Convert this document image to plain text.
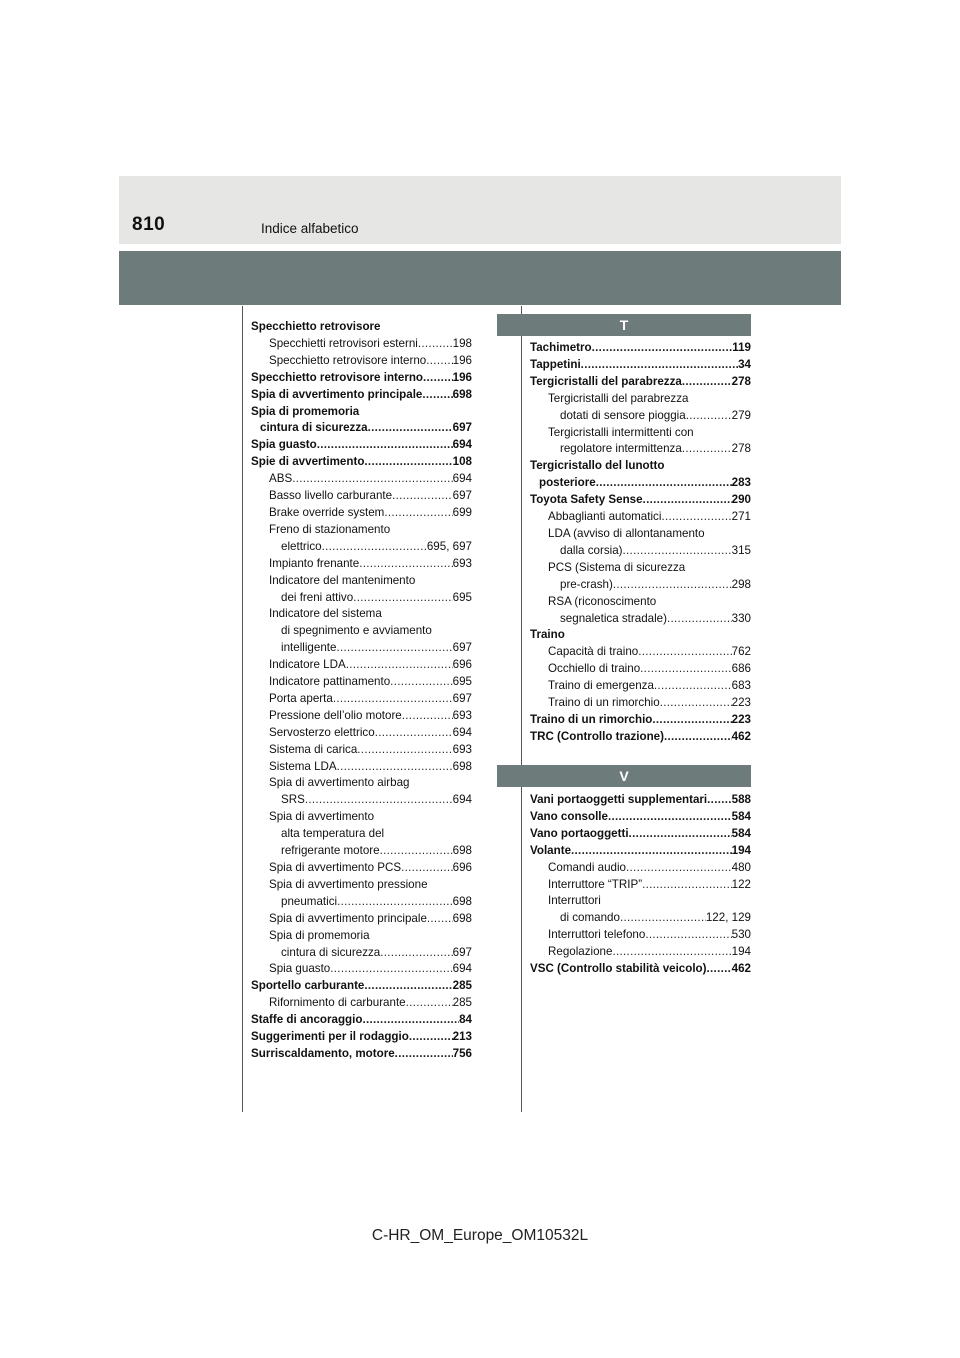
810	Indice alfabetico
Specchietto retrovisore
Specchietti retrovisori esterni .....	198
Specchietto retrovisore interno ..... 196
Specchietto retrovisore interno .....	196
Spia di avvertimento principale .....	698
Spia di promemoria
cintura di sicurezza .....	697
Spia guasto .....	694
Spie di avvertimento .....	108
ABS .....	694
Basso livello carburante .....	697
Brake override system .....	699
Freno di stazionamento
elettrico .....	695, 697
Impianto frenante .....	693
Indicatore del mantenimento
dei freni attivo .....	695
Indicatore del sistema
di spegnimento e avviamento
intelligente .....	697
Indicatore LDA .....	696
Indicatore pattinamento .....	695
Porta aperta .....	697
Pressione dell’olio motore .....	693
Servosterzo elettrico .....	694
Sistema di carica .....	693
Sistema LDA .....	698
Spia di avvertimento airbag
SRS .....	694
Spia di avvertimento
alta temperatura del
refrigerante motore .....	698
Spia di avvertimento PCS .....	696
Spia di avvertimento pressione
pneumatici .....	698
Spia di avvertimento principale ..... 698
Spia di promemoria
cintura di sicurezza .....	697
Spia guasto .....	694
Sportello carburante .....	285
Rifornimento di carburante .....	285
Staffe di ancoraggio .....	84
Suggerimenti per il rodaggio .....	213
Surriscaldamento, motore .....	756
T
Tachimetro .....	119
Tappetini .....	34
Tergicristalli del parabrezza .....	278
Tergicristalli del parabrezza
dotati di sensore pioggia .....	279
Tergicristalli intermittenti con
regolatore intermittenza .....	278
Tergicristallo del lunotto
posteriore .....	283
Toyota Safety Sense .....	290
Abbaglianti automatici .....	271
LDA (avviso di allontanamento
dalla corsia) .....	315
PCS (Sistema di sicurezza
pre-crash) .....	298
RSA (riconoscimento
segnaletica stradale) .....	330
Traino
Capacità di traino .....	762
Occhiello di traino .....	686
Traino di emergenza .....	683
Traino di un rimorchio .....	223
Traino di un rimorchio .....	223
TRC (Controllo trazione) .....	462
V
Vani portaoggetti supplementari ..... 588
Vano consolle .....	584
Vano portaoggetti .....	584
Volante .....	194
Comandi audio .....	480
Interruttore “TRIP” .....	122
Interruttori
di comando .....	122, 129
Interruttori telefono .....	530
Regolazione .....	194
VSC (Controllo stabilità veicolo) ..... 462
C-HR_OM_Europe_OM10532L
